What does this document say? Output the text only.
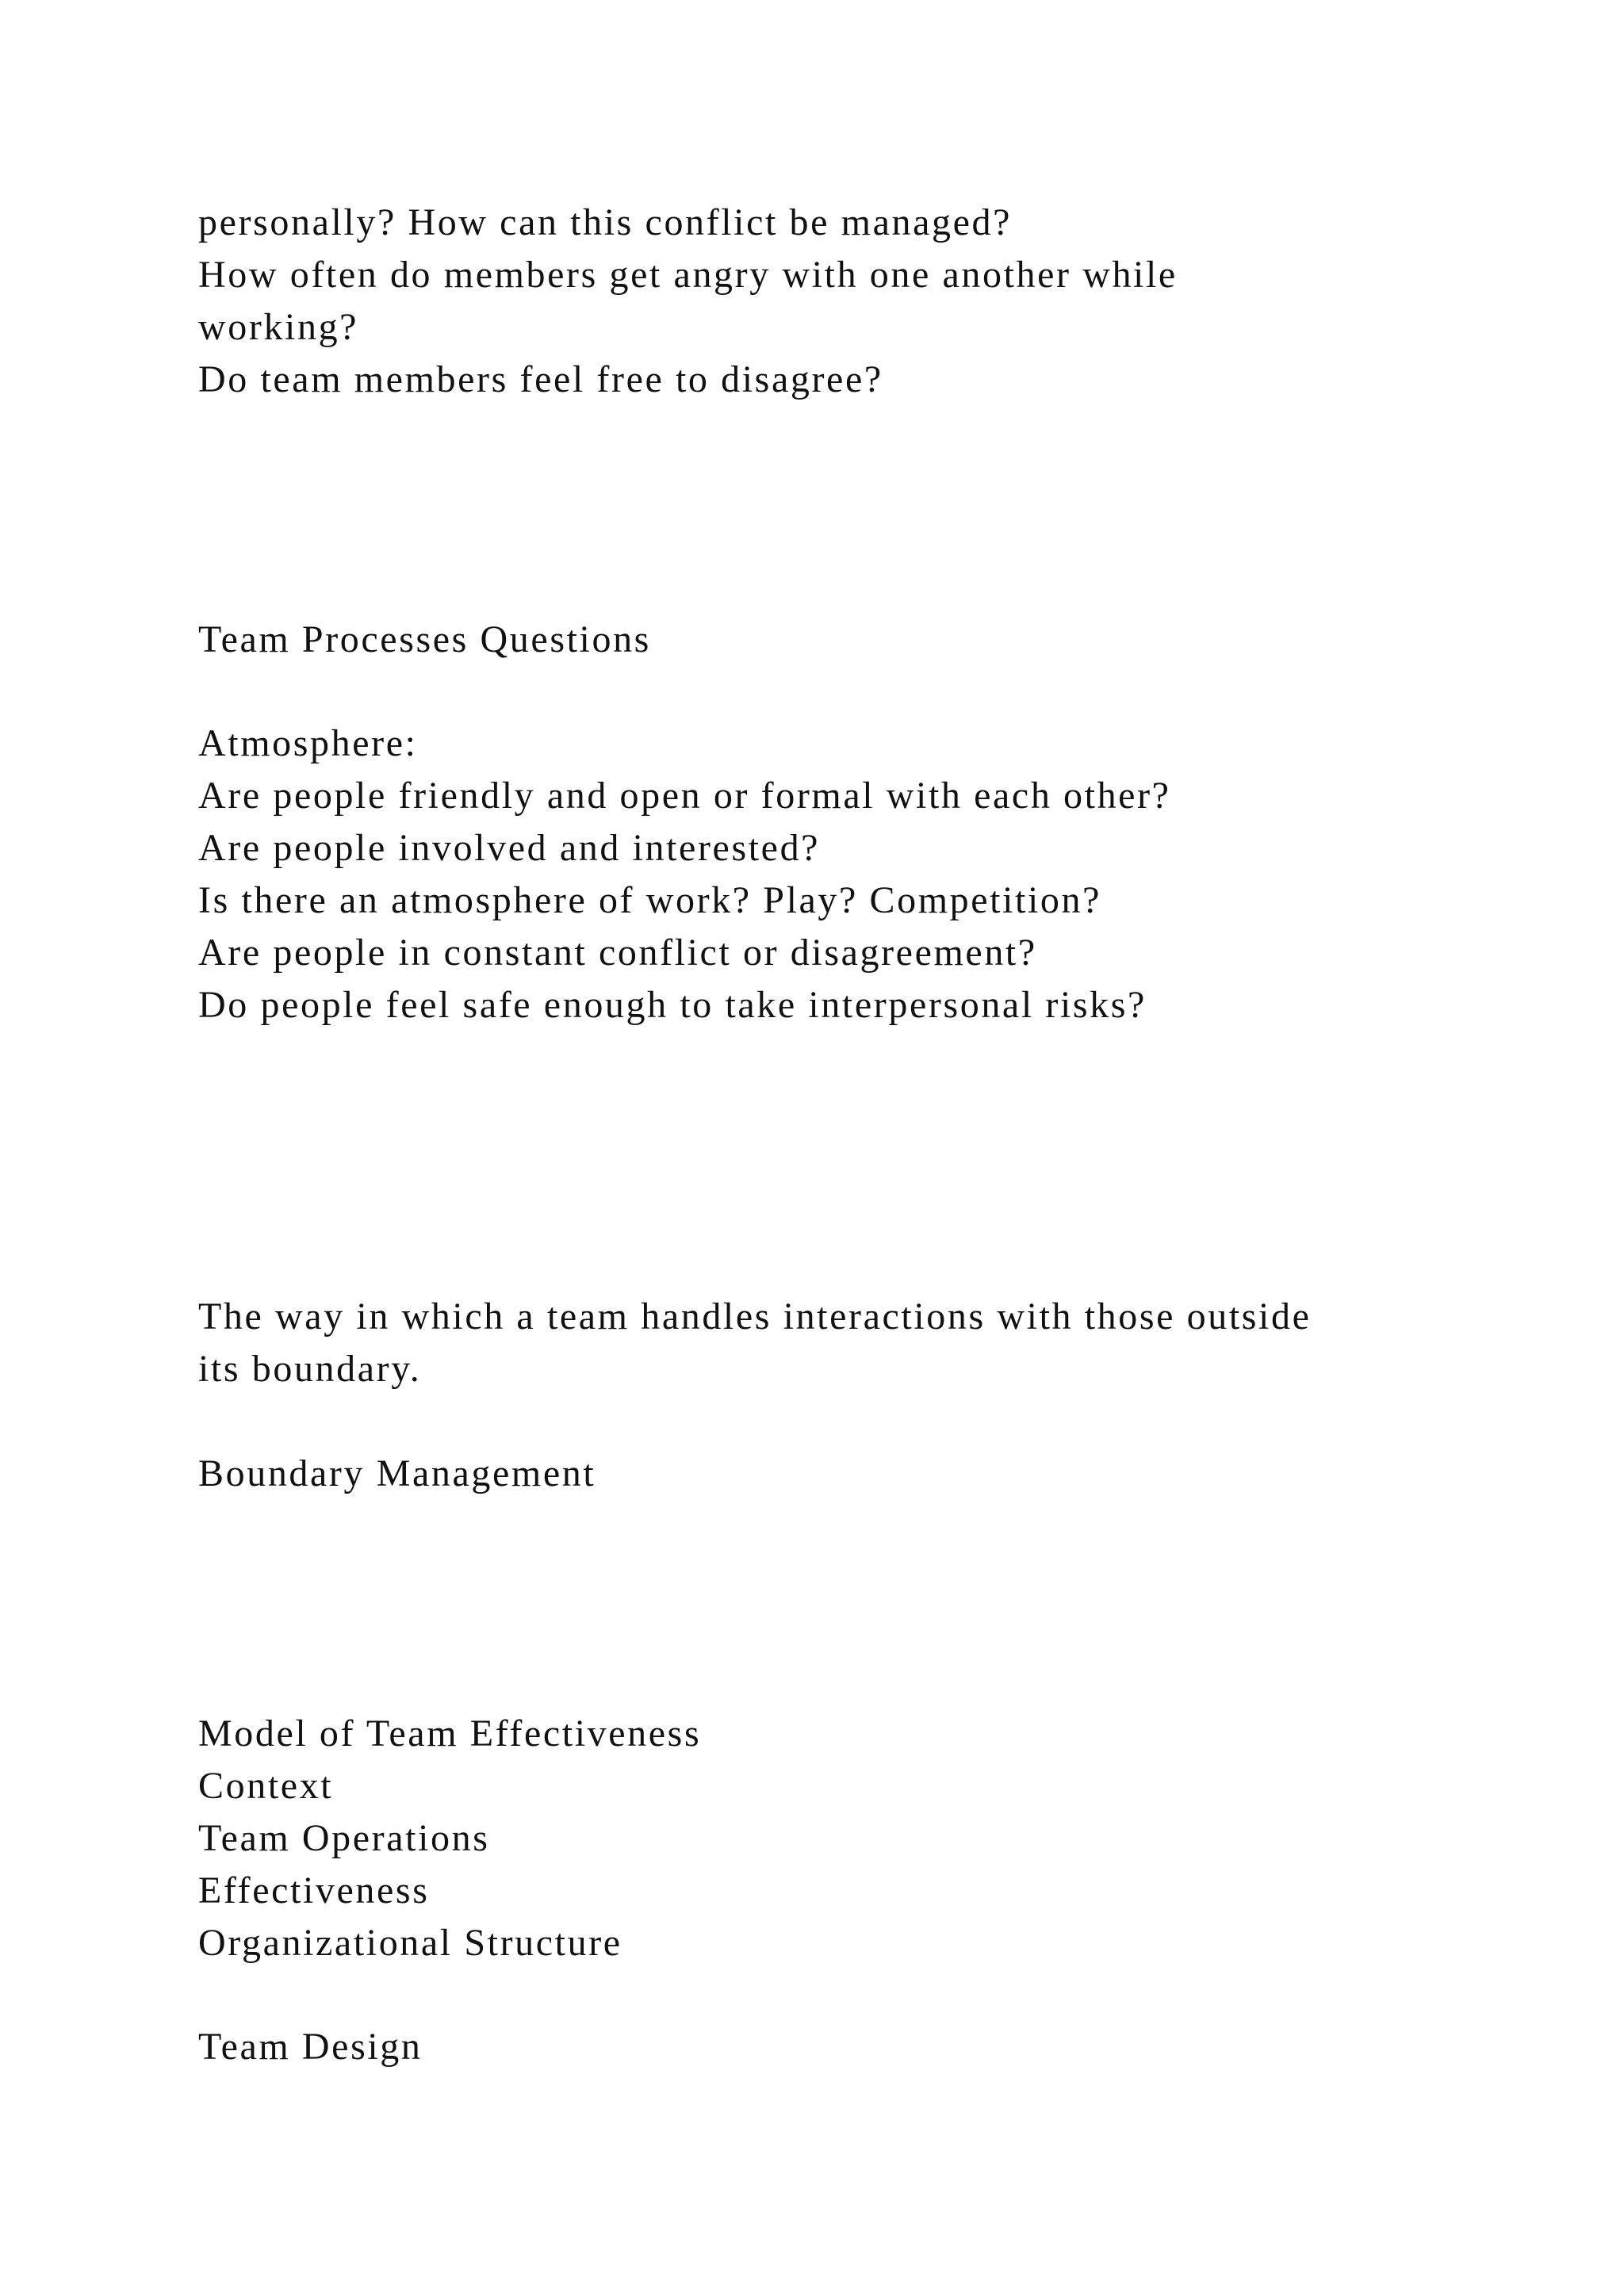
personally? How can this conflict be managed?
How often do members get angry with one another while
working?
Do team members feel free to disagree?
Team Processes Questions
Atmosphere:
Are people friendly and open or formal with each other?
Are people involved and interested?
Is there an atmosphere of work? Play? Competition?
Are people in constant conflict or disagreement?
Do people feel safe enough to take interpersonal risks?
The way in which a team handles interactions with those outside
its boundary.
Boundary Management
Model of Team Effectiveness
Context
Team Operations
Effectiveness
Organizational Structure
Team Design
